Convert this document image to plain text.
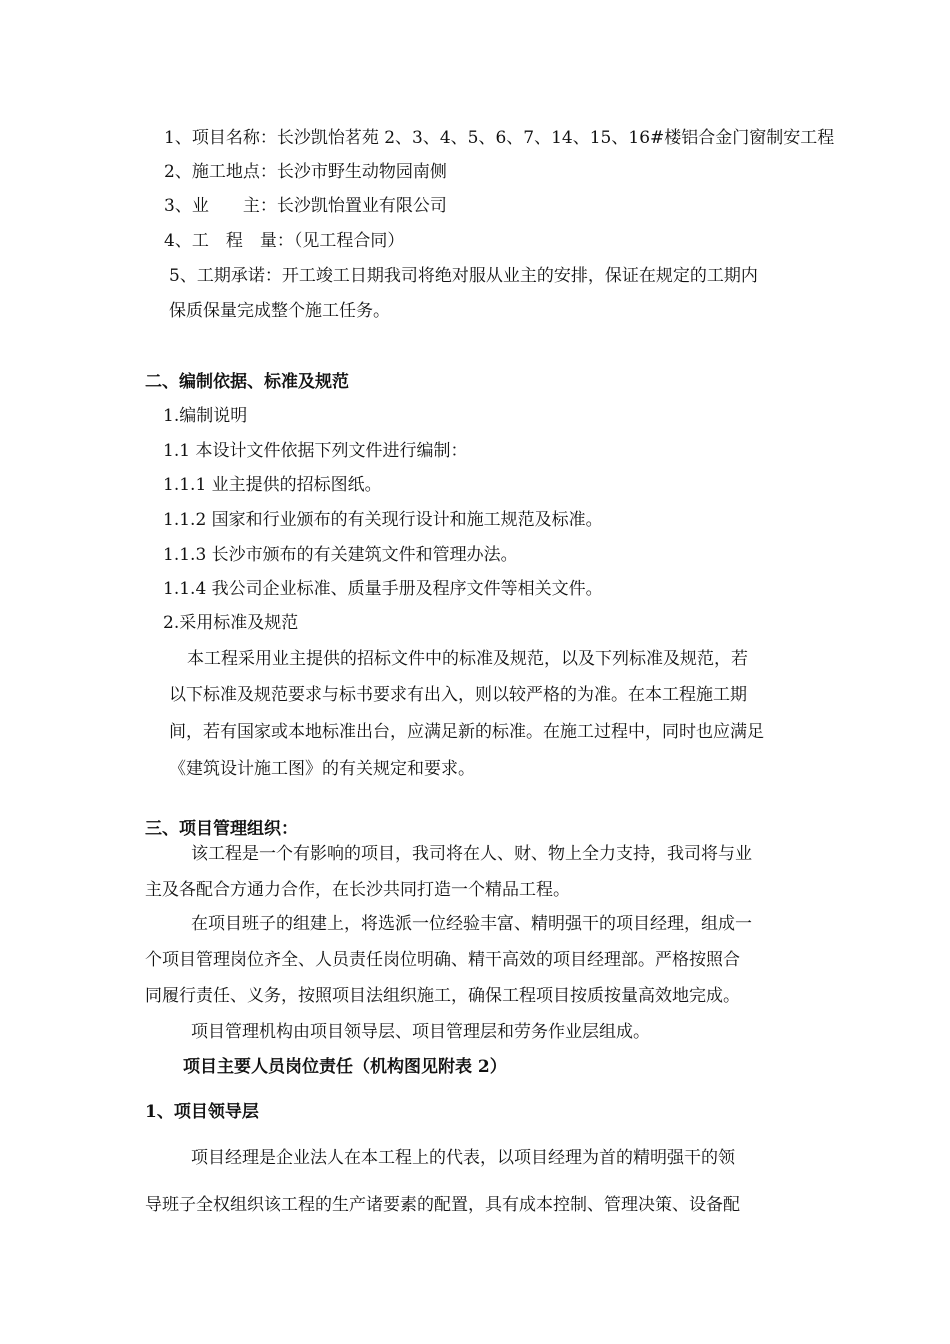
1、项目名称：长沙凯怡茗苑 2、3、4、5、6、7、14、15、16#楼铝合金门窗制安工程
2、施工地点：长沙市野生动物园南侧
3、业　　主：长沙凯怡置业有限公司
4、工　程　量：（见工程合同）
5、工期承诺：开工竣工日期我司将绝对服从业主的安排，保证在规定的工期内
保质保量完成整个施工任务。
二、编制依据、标准及规范
1.编制说明
1.1 本设计文件依据下列文件进行编制：
1.1.1 业主提供的招标图纸。
1.1.2 国家和行业颁布的有关现行设计和施工规范及标准。
1.1.3 长沙市颁布的有关建筑文件和管理办法。
1.1.4 我公司企业标准、质量手册及程序文件等相关文件。
2.采用标准及规范
本工程采用业主提供的招标文件中的标准及规范，以及下列标准及规范，若
以下标准及规范要求与标书要求有出入，则以较严格的为准。在本工程施工期
间，若有国家或本地标准出台，应满足新的标准。在施工过程中，同时也应满足
《建筑设计施工图》的有关规定和要求。
三、项目管理组织：
该工程是一个有影响的项目，我司将在人、财、物上全力支持，我司将与业
主及各配合方通力合作，在长沙共同打造一个精品工程。
在项目班子的组建上，将选派一位经验丰富、精明强干的项目经理，组成一
个项目管理岗位齐全、人员责任岗位明确、精干高效的项目经理部。严格按照合
同履行责任、义务，按照项目法组织施工，确保工程项目按质按量高效地完成。
项目管理机构由项目领导层、项目管理层和劳务作业层组成。
项目主要人员岗位责任（机构图见附表 2）
1、项目领导层
项目经理是企业法人在本工程上的代表，以项目经理为首的精明强干的领
导班子全权组织该工程的生产诸要素的配置，具有成本控制、管理决策、设备配
